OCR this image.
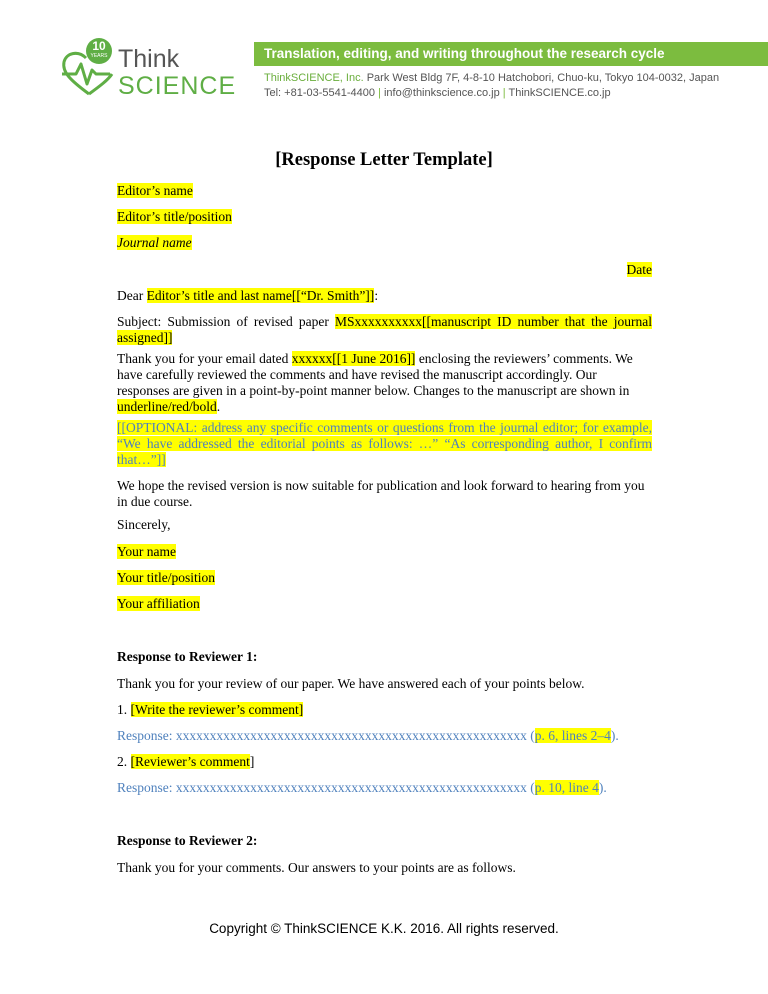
10
YEARS Think
SCIENCE
Translation, editing, and writing throughout the research cycle
ThinkSCIENCE, Inc. Park West Bldg 7F, 4-8-10 Hatchobori, Chuo-ku, Tokyo 104-0032, Japan
Tel: +81-03-5541-4400 | info@thinkscience.co.jp | ThinkSCIENCE.co.jp
[Response Letter Template]
Editor’s name
Editor’s title/position
Journal name
Date
Dear Editor’s title and last name[[“Dr. Smith”]]:
Subject: Submission of revised paper MSxxxxxxxxxx[[manuscript ID number that the journal assigned]]
Thank you for your email dated xxxxxx[[1 June 2016]] enclosing the reviewers’ comments. We have carefully reviewed the comments and have revised the manuscript accordingly. Our responses are given in a point-by-point manner below. Changes to the manuscript are shown in underline/red/bold.
[[OPTIONAL: address any specific comments or questions from the journal editor; for example, “We have addressed the editorial points as follows: …” “As corresponding author, I confirm that…”]]
We hope the revised version is now suitable for publication and look forward to hearing from you in due course.
Sincerely,
Your name
Your title/position
Your affiliation
Response to Reviewer 1:
Thank you for your review of our paper. We have answered each of your points below.
1. [Write the reviewer’s comment]
Response: xxxxxxxxxxxxxxxxxxxxxxxxxxxxxxxxxxxxxxxxxxxxxxxxxxxx (p. 6, lines 2–4).
2. [Reviewer’s comment]
Response: xxxxxxxxxxxxxxxxxxxxxxxxxxxxxxxxxxxxxxxxxxxxxxxxxxxx (p. 10, line 4).
Response to Reviewer 2:
Thank you for your comments. Our answers to your points are as follows.
Copyright © ThinkSCIENCE K.K. 2016. All rights reserved.
